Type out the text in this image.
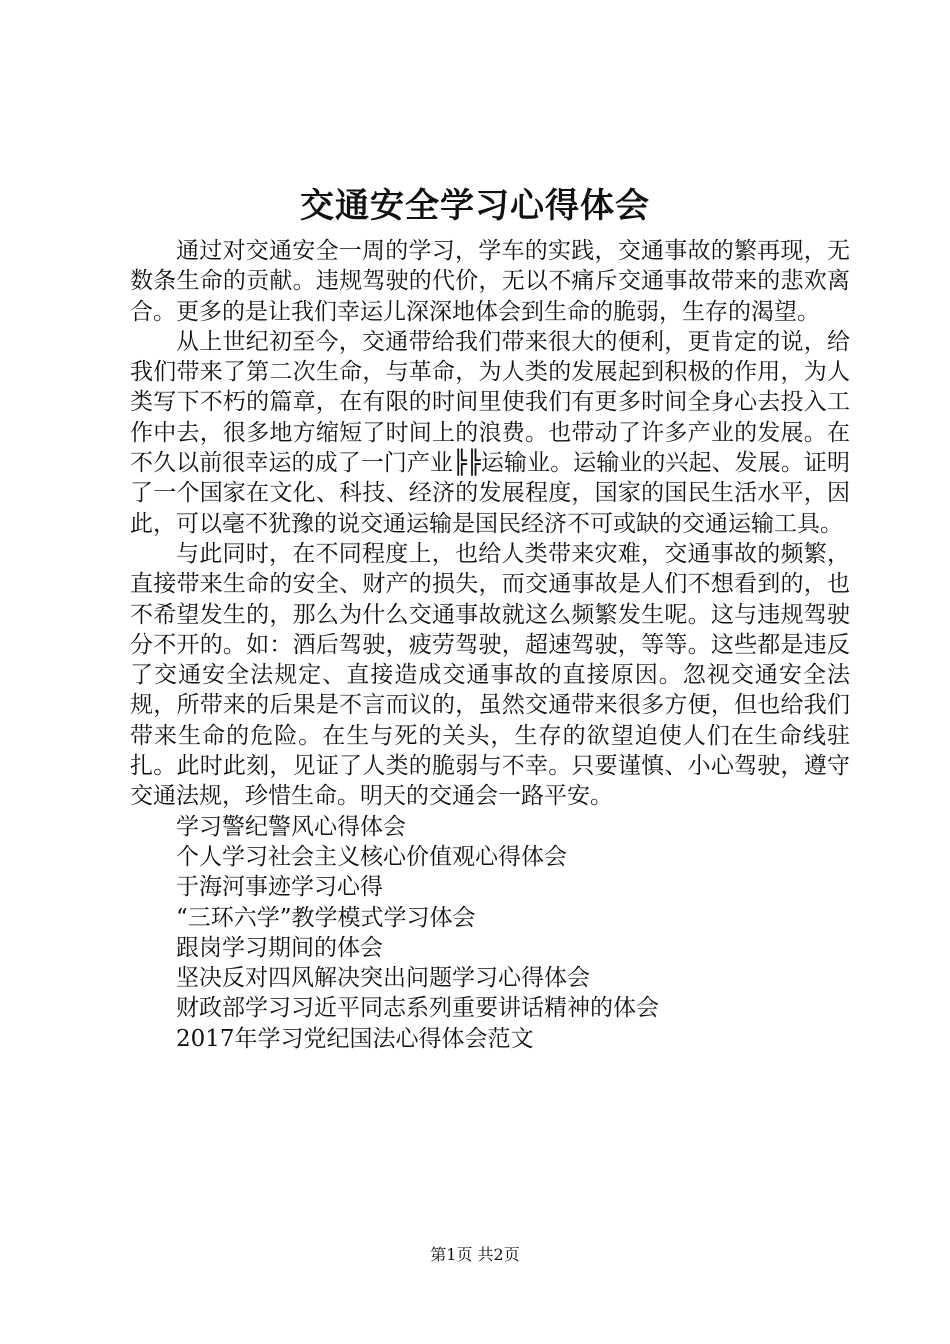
交通安全学习心得体会

通过对交通安全一周的学习，学车的实践，交通事故的繁再现，无数条生命的贡献。违规驾驶的代价，无以不痛斥交通事故带来的悲欢离合。更多的是让我们幸运儿深深地体会到生命的脆弱，生存的渴望。

从上世纪初至今，交通带给我们带来很大的便利，更肯定的说，给我们带来了第二次生命，与革命，为人类的发展起到积极的作用，为人类写下不朽的篇章，在有限的时间里使我们有更多时间全身心去投入工作中去，很多地方缩短了时间上的浪费。也带动了许多产业的发展。在不久以前很幸运的成了一门产业╠╠运输业。运输业的兴起、发展。证明了一个国家在文化、科技、经济的发展程度，国家的国民生活水平，因此，可以毫不犹豫的说交通运输是国民经济不可或缺的交通运输工具。

与此同时，在不同程度上，也给人类带来灾难，交通事故的频繁，直接带来生命的安全、财产的损失，而交通事故是人们不想看到的，也不希望发生的，那么为什么交通事故就这么频繁发生呢。这与违规驾驶分不开的。如：酒后驾驶，疲劳驾驶，超速驾驶，等等。这些都是违反了交通安全法规定、直接造成交通事故的直接原因。忽视交通安全法规，所带来的后果是不言而议的，虽然交通带来很多方便，但也给我们带来生命的危险。在生与死的关头，生存的欲望迫使人们在生命线驻扎。此时此刻，见证了人类的脆弱与不幸。只要谨慎、小心驾驶，遵守交通法规，珍惜生命。明天的交通会一路平安。

学习警纪警风心得体会
个人学习社会主义核心价值观心得体会
于海河事迹学习心得
“三环六学”教学模式学习体会
跟岗学习期间的体会
坚决反对四风解决突出问题学习心得体会
财政部学习习近平同志系列重要讲话精神的体会
2017年学习党纪国法心得体会范文
第1页 共2页
